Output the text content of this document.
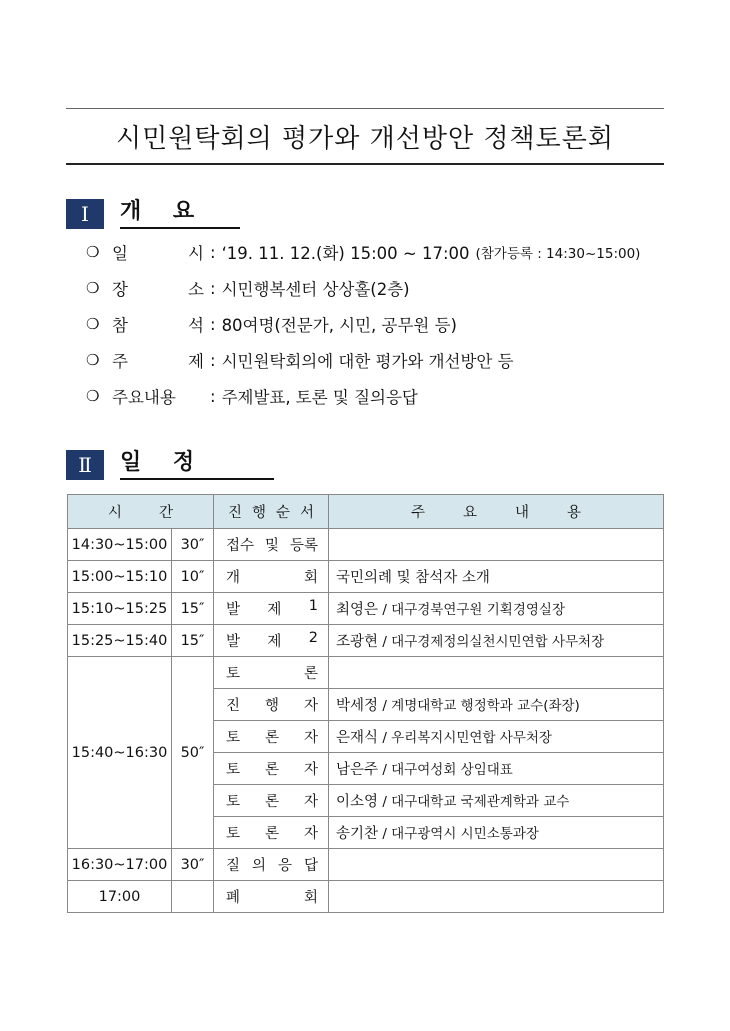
시민원탁회의 평가와 개선방안 정책토론회
Ⅰ	개 요
❍ 일	시 : ‘19. 11. 12.(화) 15:00 ~ 17:00 (참가등록 : 14:30~15:00)
❍ 장	소 : 시민행복센터 상상홀(2층)
❍ 참	석 : 80여명(전문가, 시민, 공무원 등)
❍ 주	제 : 시민원탁회의에 대한 평가와 개선방안 등
❍ 주요내용	: 주제발표, 토론 및 질의응답
Ⅱ	일 정
시 간		진 행 순 서	주 요 내 용

14:30~15:00	30″	접수 및 등록	

15:00~15:10	10″	개 회	국민의례 및 참석자 소개
15:10~15:25	15″	발 제 1	최영은 / 대구경북연구원 기획경영실장
15:25~15:40	15″	발 제 2	조광현 / 대구경제정의실천시민연합 사무처장
15:40~16:30	50″	토 론	

		진 행 자	박세정 / 계명대학교 행정학과 교수(좌장)

		토 론 자	은재식 / 우리복지시민연합 사무처장

		토 론 자	남은주 / 대구여성회 상임대표

		토 론 자	이소영 / 대구대학교 국제관계학과 교수

		토 론 자	송기찬 / 대구광역시 시민소통과장
16:30~17:00	30″	질 의 응 답	

17:00		폐 회	
